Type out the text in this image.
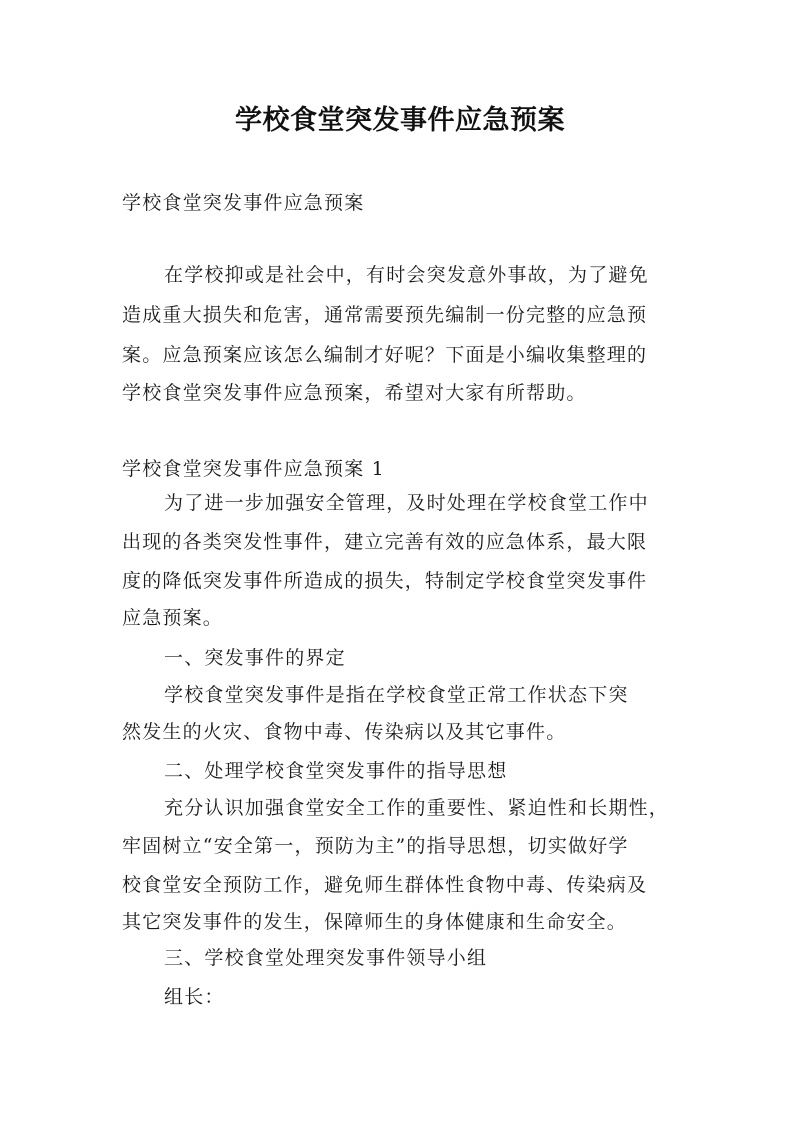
学校食堂突发事件应急预案
学校食堂突发事件应急预案
在学校抑或是社会中，有时会突发意外事故，为了避免
造成重大损失和危害，通常需要预先编制一份完整的应急预
案。应急预案应该怎么编制才好呢？下面是小编收集整理的
学校食堂突发事件应急预案，希望对大家有所帮助。
学校食堂突发事件应急预案 1
为了进一步加强安全管理，及时处理在学校食堂工作中
出现的各类突发性事件，建立完善有效的应急体系，最大限
度的降低突发事件所造成的损失，特制定学校食堂突发事件
应急预案。
一、突发事件的界定
学校食堂突发事件是指在学校食堂正常工作状态下突
然发生的火灾、食物中毒、传染病以及其它事件。
二、处理学校食堂突发事件的指导思想
充分认识加强食堂安全工作的重要性、紧迫性和长期性，
牢固树立“安全第一，预防为主”的指导思想，切实做好学
校食堂安全预防工作，避免师生群体性食物中毒、传染病及
其它突发事件的发生，保障师生的身体健康和生命安全。
三、学校食堂处理突发事件领导小组
组长：
